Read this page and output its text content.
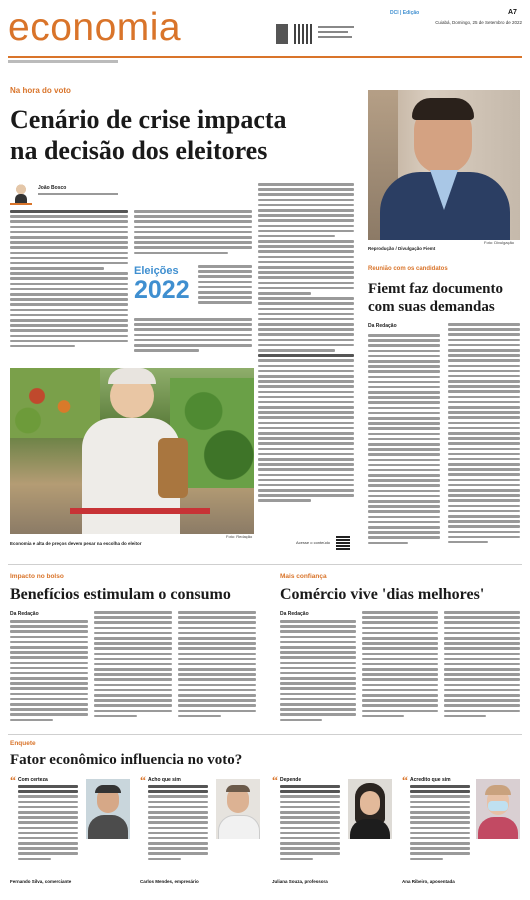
economia	DCI | Edição	A7
Cuiabá, Domingo, 25 de Setembro de 2022
Na hora do voto
Cenário de crise impacta
na decisão dos eleitores
João Bosco
Eleições
2022
Economia e alta de preços devem pesar na escolha do eleitor
Foto: Redação
Acesse o conteúdo
Reprodução / Divulgação Fiemt
Foto: Divulgação
Reunião com os candidatos
Fiemt faz documento
com suas demandas
Da Redação
Impacto no bolso
Benefícios estimulam o consumo
Da Redação
Mais confiança
Comércio vive 'dias melhores'
Da Redação
Enquete
Fator econômico influencia no voto?
“ Com certeza
Fernando Silva, comerciante
“ Acho que sim
Carlos Mendes, empresário
“ Depende
Juliana Souza, professora
“ Acredito que sim
Ana Ribeiro, aposentada
